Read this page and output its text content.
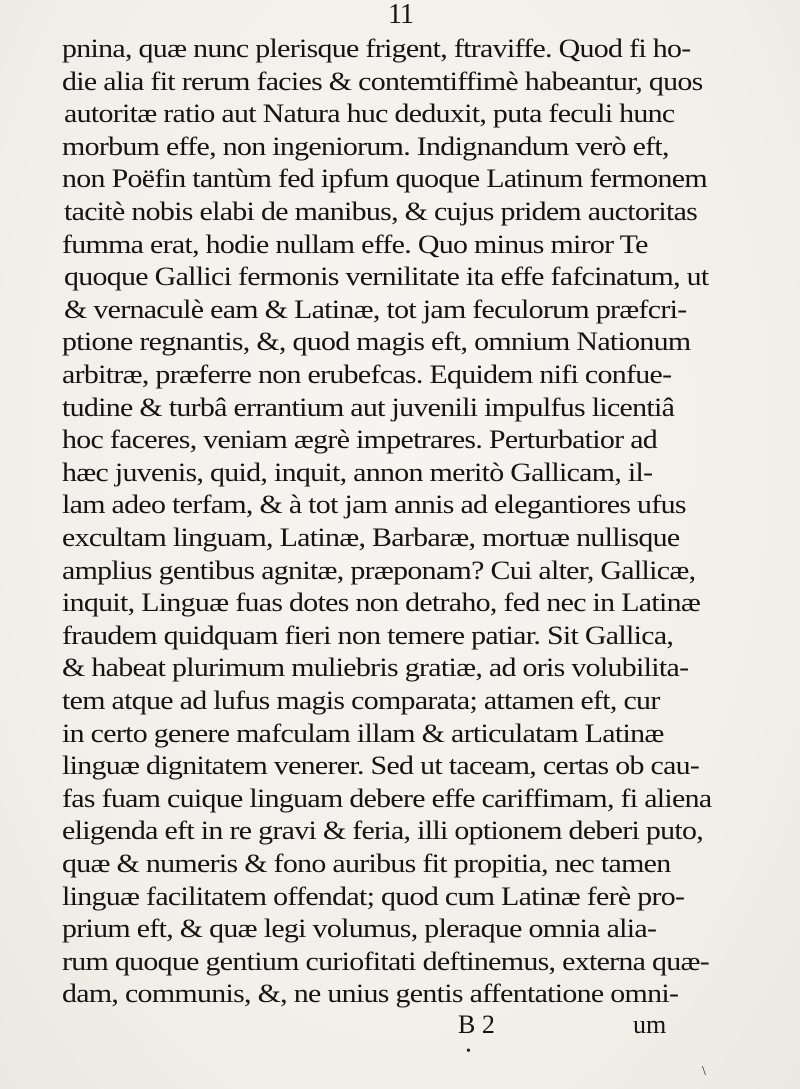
11
pnina, quæ nunc plerisque frigent, ftraviffe. Quod fi ho-
die alia fit rerum facies & contemtiffimè habeantur, quos
autoritæ ratio aut Natura huc deduxit, puta feculi hunc
morbum effe, non ingeniorum. Indignandum verò eft,
non Poëfin tantùm fed ipfum quoque Latinum fermonem
tacitè nobis elabi de manibus, & cujus pridem auctoritas
fumma erat, hodie nullam effe. Quo minus miror Te
quoque Gallici fermonis vernilitate ita effe fafcinatum, ut
& vernaculè eam & Latinæ, tot jam feculorum præfcri-
ptione regnantis, &, quod magis eft, omnium Nationum
arbitræ, præferre non erubefcas. Equidem nifi confue-
tudine & turbâ errantium aut juvenili impulfus licentiâ
hoc faceres, veniam ægrè impetrares. Perturbatior ad
hæc juvenis, quid, inquit, annon meritò Gallicam, il-
lam adeo terfam, & à tot jam annis ad elegantiores ufus
excultam linguam, Latinæ, Barbaræ, mortuæ nullisque
amplius gentibus agnitæ, præponam? Cui alter, Gallicæ,
inquit, Linguæ fuas dotes non detraho, fed nec in Latinæ
fraudem quidquam fieri non temere patiar. Sit Gallica,
& habeat plurimum muliebris gratiæ, ad oris volubilita-
tem atque ad lufus magis comparata; attamen eft, cur
in certo genere mafculam illam & articulatam Latinæ
linguæ dignitatem venerer. Sed ut taceam, certas ob cau-
fas fuam cuique linguam debere effe cariffimam, fi aliena
eligenda eft in re gravi & feria, illi optionem deberi puto,
quæ & numeris & fono auribus fit propitia, nec tamen
linguæ facilitatem offendat; quod cum Latinæ ferè pro-
prium eft, & quæ legi volumus, pleraque omnia alia-
rum quoque gentium curiofitati deftinemus, externa quæ-
dam, communis, &, ne unius gentis affentatione omni-
B 2	um
•
\
